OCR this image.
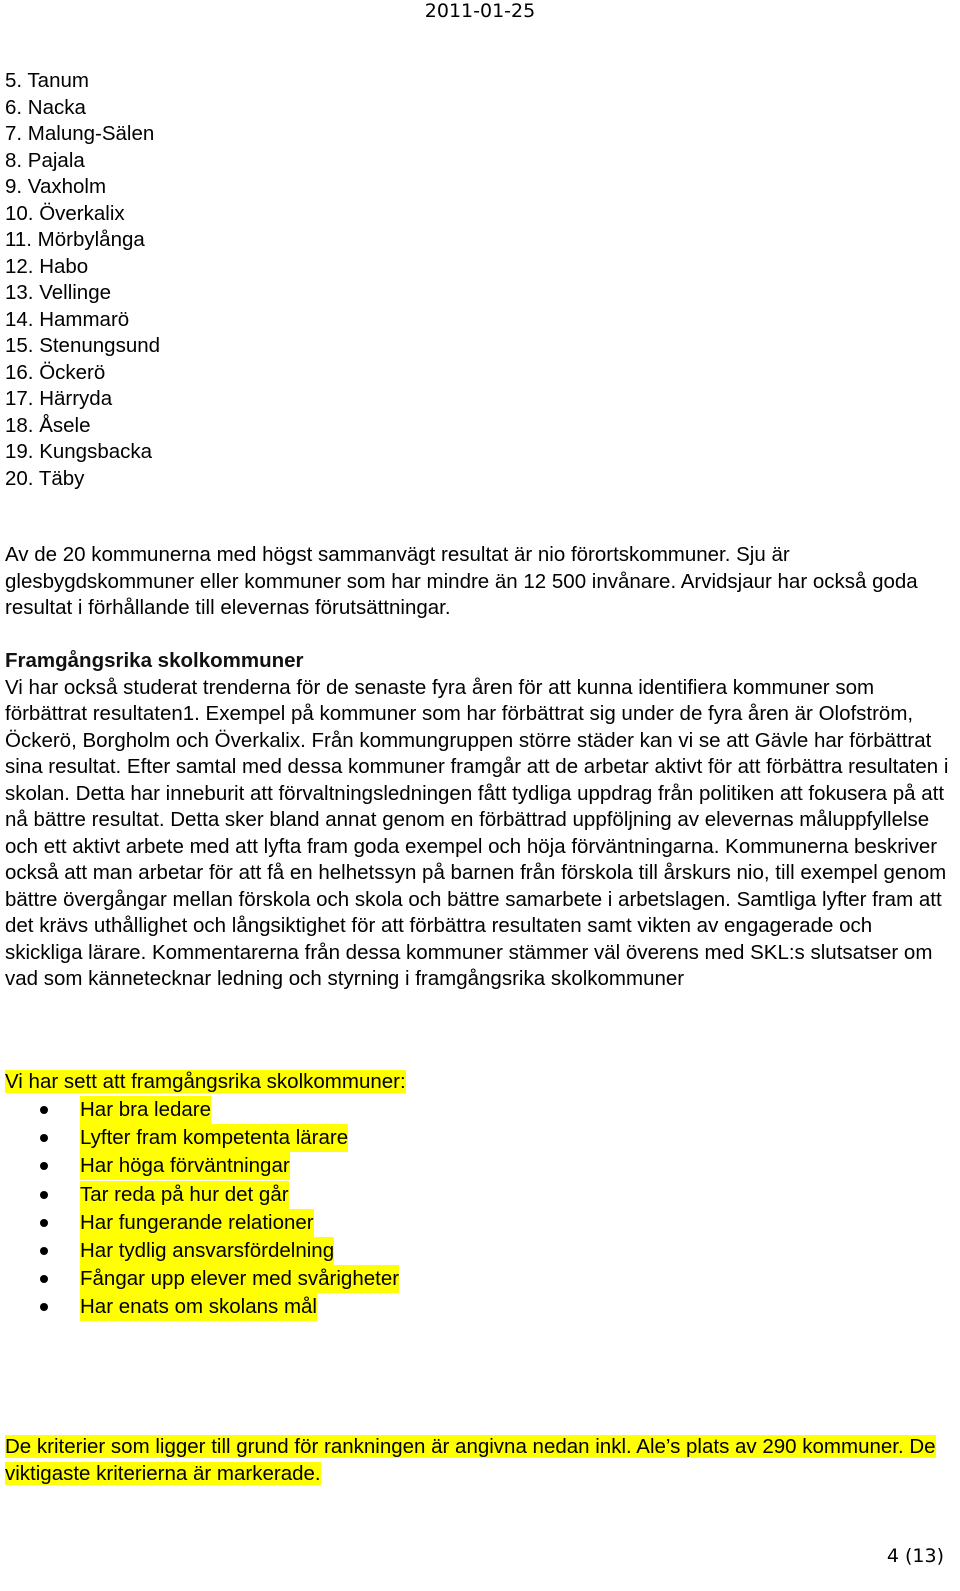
2011-01-25
5. Tanum
6. Nacka
7. Malung-Sälen
8. Pajala
9. Vaxholm
10. Överkalix
11. Mörbylånga
12. Habo
13. Vellinge
14. Hammarö
15. Stenungsund
16. Öckerö
17. Härryda
18. Åsele
19. Kungsbacka
20. Täby

Av de 20 kommunerna med högst sammanvägt resultat är nio förortskommuner. Sju är glesbygdskommuner eller kommuner som har mindre än 12 500 invånare. Arvidsjaur har också goda resultat i förhållande till elevernas förutsättningar.

Framgångsrika skolkommuner
Vi har också studerat trenderna för de senaste fyra åren för att kunna identifiera kommuner som förbättrat resultaten1. Exempel på kommuner som har förbättrat sig under de fyra åren är Olofström, Öckerö, Borgholm och Överkalix. Från kommungruppen större städer kan vi se att Gävle har förbättrat sina resultat. Efter samtal med dessa kommuner framgår att de arbetar aktivt för att förbättra resultaten i skolan. Detta har inneburit att förvaltningsledningen fått tydliga uppdrag från politiken att fokusera på att nå bättre resultat. Detta sker bland annat genom en förbättrad uppföljning av elevernas måluppfyllelse och ett aktivt arbete med att lyfta fram goda exempel och höja förväntningarna. Kommunerna beskriver också att man arbetar för att få en helhetssyn på barnen från förskola till årskurs nio, till exempel genom bättre övergångar mellan förskola och skola och bättre samarbete i arbetslagen. Samtliga lyfter fram att det krävs uthållighet och långsiktighet för att förbättra resultaten samt vikten av engagerade och skickliga lärare. Kommentarerna från dessa kommuner stämmer väl överens med SKL:s slutsatser om vad som kännetecknar ledning och styrning i framgångsrika skolkommuner

Vi har sett att framgångsrika skolkommuner:

Har bra ledare
Lyfter fram kompetenta lärare
Har höga förväntningar
Tar reda på hur det går
Har fungerande relationer
Har tydlig ansvarsfördelning
Fångar upp elever med svårigheter
Har enats om skolans mål

De kriterier som ligger till grund för rankningen är angivna nedan inkl. Ale’s plats av 290 kommuner. De viktigaste kriterierna är markerade.

4 (13)
